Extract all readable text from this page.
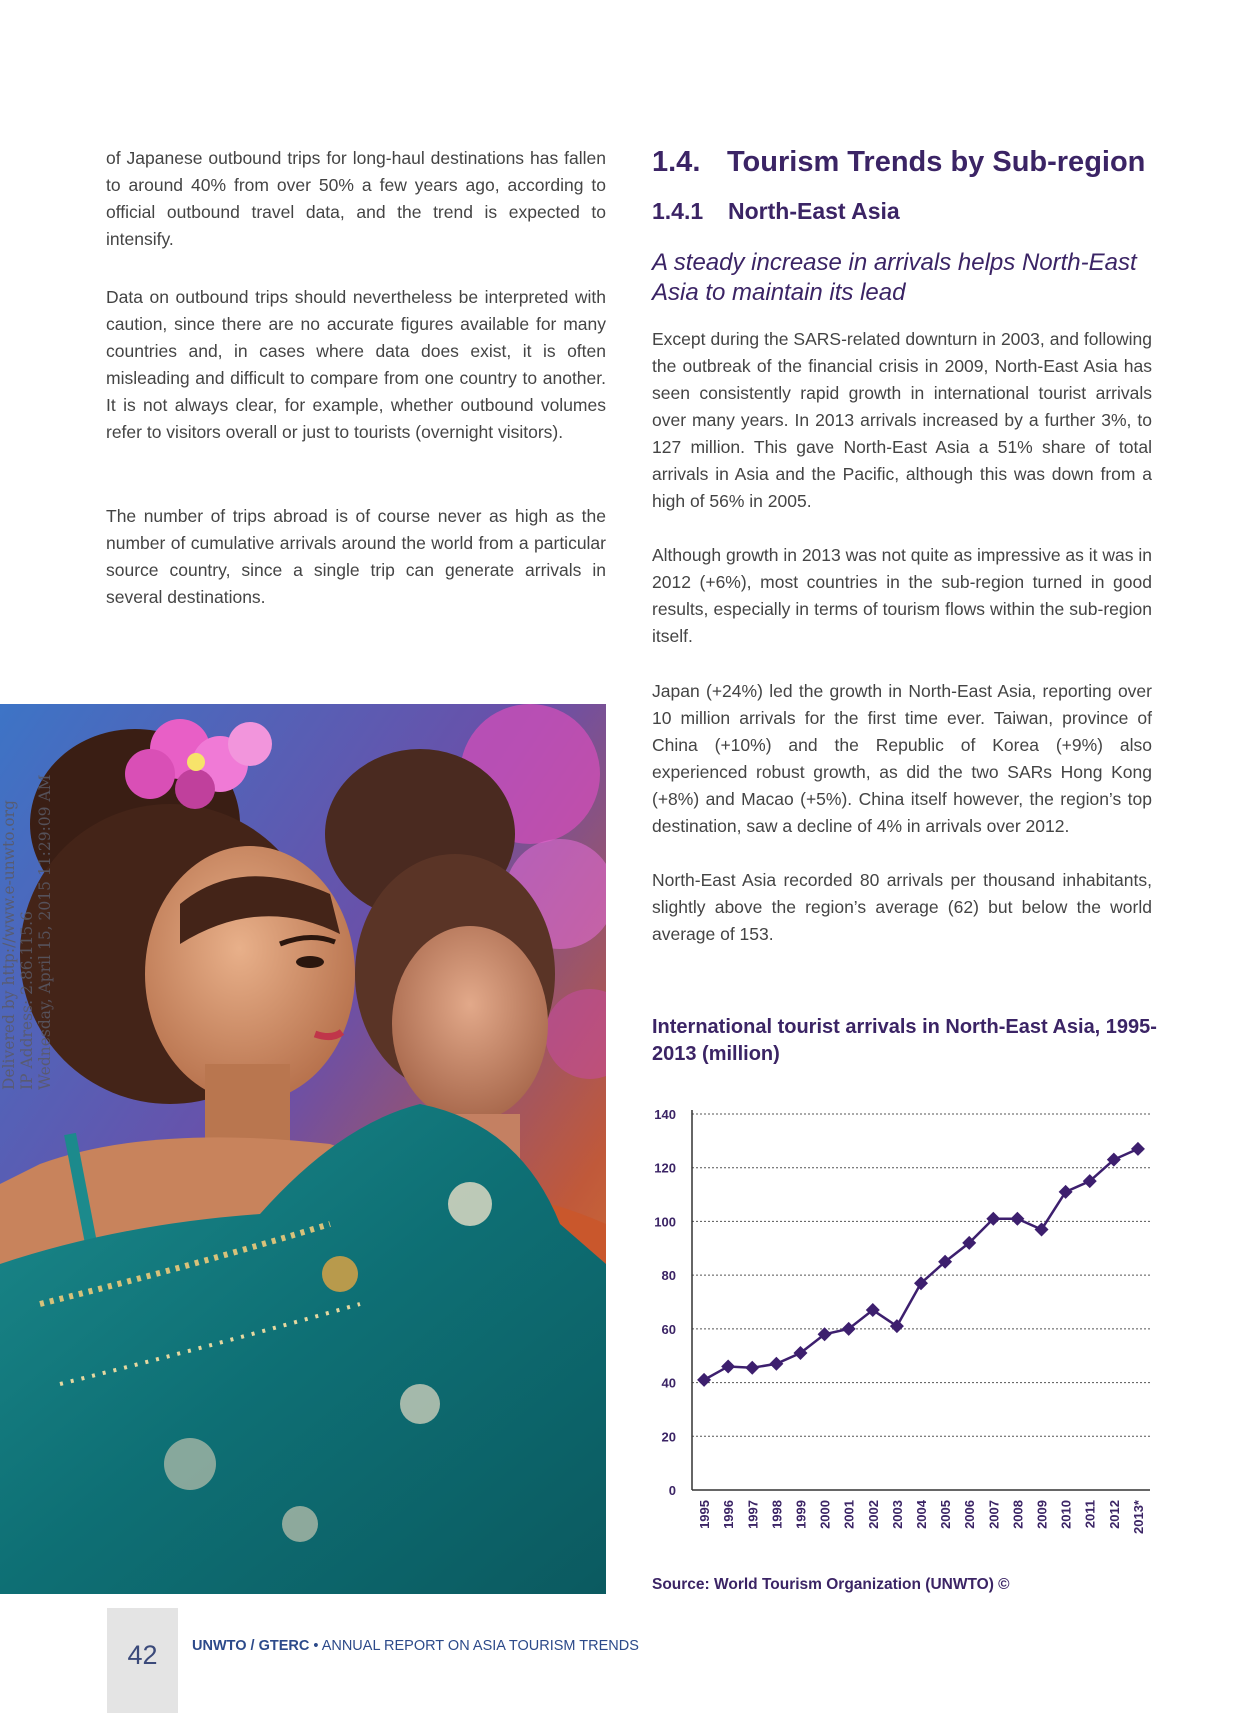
of Japanese outbound trips for long-haul destinations has fallen to around 40% from over 50% a few years ago, according to official outbound travel data, and the trend is expected to intensify.

Data on outbound trips should nevertheless be interpreted with caution, since there are no accurate figures available for many countries and, in cases where data does exist, it is often misleading and difficult to compare from one country to another. It is not always clear, for example, whether outbound volumes refer to visitors overall or just to tourists (overnight visitors).

The number of trips abroad is of course never as high as the number of cumulative arrivals around the world from a particular source country, since a single trip can generate arrivals in several destinations.

Delivered by http://www.e-unwto.org IP Address: 2.86.115.6 Wednesday, April 15, 2015 11:29:09 AM
1.4. Tourism Trends by Sub-region
1.4.1 North-East Asia
A steady increase in arrivals helps North-East Asia to maintain its lead

Except during the SARS-related downturn in 2003, and following the outbreak of the financial crisis in 2009, North-East Asia has seen consistently rapid growth in international tourist arrivals over many years. In 2013 arrivals increased by a further 3%, to 127 million. This gave North-East Asia a 51% share of total arrivals in Asia and the Pacific, although this was down from a high of 56% in 2005.

Although growth in 2013 was not quite as impressive as it was in 2012 (+6%), most countries in the sub-region turned in good results, especially in terms of tourism flows within the sub-region itself.

Japan (+24%) led the growth in North-East Asia, reporting over 10 million arrivals for the first time ever. Taiwan, province of China (+10%) and the Republic of Korea (+9%) also experienced robust growth, as did the two SARs Hong Kong (+8%) and Macao (+5%). China itself however, the region’s top destination, saw a decline of 4% in arrivals over 2012.

North-East Asia recorded 80 arrivals per thousand inhabitants, slightly above the region’s average (62) but below the world average of 153.

International tourist arrivals in North-East Asia, 1995-2013 (million)
0
20
40
60
80
100
120
140
1995 1996 1997 1998 1999 2000 2001 2002 2003 2004 2005 2006 2007 2008 2009 2010 2011 2012 2013*

Source: World Tourism Organization (UNWTO) ©

42	UNWTO / GTERC • ANNUAL REPORT ON ASIA TOURISM TRENDS
